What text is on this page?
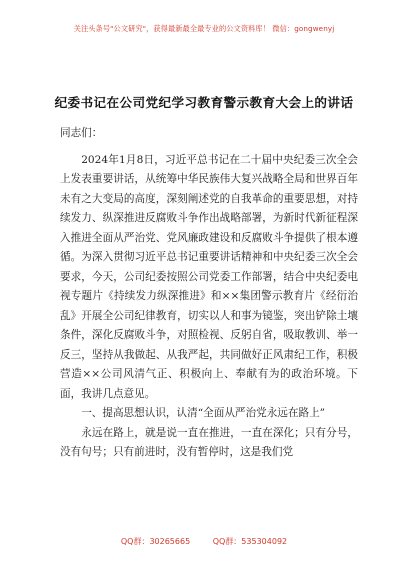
关注头条号"公文研究"，获得最新最全最专业的公文资料库！ 微信：gongwenyj
纪委书记在公司党纪学习教育警示教育大会上的讲话

同志们：

2024年1月8日，习近平总书记在二十届中央纪委三次全会上发表重要讲话，从统筹中华民族伟大复兴战略全局和世界百年未有之大变局的高度，深刻阐述党的自我革命的重要思想，对持续发力、纵深推进反腐败斗争作出战略部署，为新时代新征程深入推进全面从严治党、党风廉政建设和反腐败斗争提供了根本遵循。为深入贯彻习近平总书记重要讲话精神和中央纪委三次全会要求，今天，公司纪委按照公司党委工作部署，结合中央纪委电视专题片《持续发力纵深推进》和××集团警示教育片《经衍治乱》开展全公司纪律教育，切实以人和事为镜鉴，突出铲除土壤条件，深化反腐败斗争，对照检视、反躬自省，吸取教训、举一反三，坚持从我做起、从我严起，共同做好正风肃纪工作，积极营造××公司风清气正、积极向上、奉献有为的政治环境。下面，我讲几点意见。

一、提高思想认识，认清“全面从严治党永远在路上”

永远在路上，就是说一直在推进，一直在深化；只有分号，没有句号；只有前进时，没有暂停时，这是我们党

QQ群：30265665	QQ群：535304092
